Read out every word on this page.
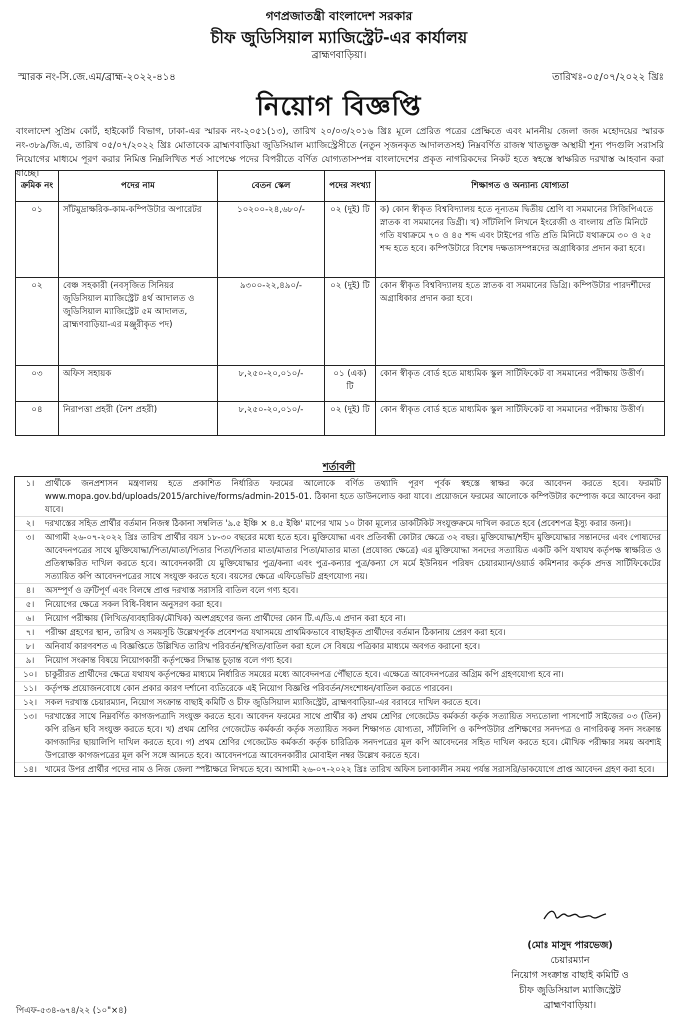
গণপ্রজাতন্ত্রী বাংলাদেশ সরকার
চীফ জুডিসিয়াল ম্যাজিস্ট্রেট-এর কার্যালয়
ব্রাহ্মণবাড়িয়া।
স্মারক নং-সি.জে.এম/ব্রাহ্ম-২০২২-৪১৪	তারিখঃ-০৫/০৭/২০২২ খ্রিঃ
নিয়োগ বিজ্ঞপ্তি
বাংলাদেশ সুপ্রিম কোর্ট, হাইকোর্ট বিভাগ, ঢাকা-এর স্মারক নং-২০৫১(১৩), তারিখ ২০/০৩/২০১৬ খ্রিঃ মূলে প্রেরিত পত্রের প্রেক্ষিতে এবং মাননীয় জেলা জজ মহোদয়ের স্মারক নং-৩৮৯/জি.এ, তারিখ ০৫/০৭/২০২২ খ্রিঃ মোতাবেক ব্রাহ্মণবাড়িয়া জুডিসিয়াল ম্যাজিস্ট্রেসীতে (নতুন সৃজনকৃত আদালতসহ) নিম্নবর্ণিত রাজস্ব খাতভুক্ত অস্থায়ী শূন্য পদগুলি সরাসরি নিয়োগের মাধ্যমে পূরণ করার নিমিত্ত নিম্নলিখিত শর্ত সাপেক্ষে পদের বিপরীতে বর্ণিত যোগ্যতাসম্পন্ন বাংলাদেশের প্রকৃত নাগরিকদের নিকট হতে স্বহস্তে স্বাক্ষরিত দরখাস্ত আহবান করা যাচ্ছে।
ক্রমিক নং	পদের নাম	বেতন স্কেল	পদের সংখ্যা	শিক্ষাগত ও অন্যান্য যোগ্যতা
০১	সাঁটমুদ্রাক্ষরিক-কাম-কম্পিউটার অপারেটর	১০২০০-২৪,৬৮০/-	০২ (দুই) টি	ক) কোন স্বীকৃত বিশ্ববিদ্যালয় হতে নূন্যতম দ্বিতীয় শ্রেণি বা সমমানের সিজিপিএতে স্নাতক বা সমমানের ডিগ্রী। খ) সাঁটলিপি লিখনে ইংরেজী ও বাংলায় প্রতি মিনিটে গতি যথাক্রমে ৭০ ও ৪৫ শব্দ এবং টাইপের গতি প্রতি মিনিটে যথাক্রমে ৩০ ও ২৫ শব্দ হতে হবে। কম্পিউটারে বিশেষ দক্ষতাসম্পন্নদের অগ্রাধিকার প্রদান করা হবে।
০২	বেঞ্চ সহকারী (নবসৃজিত সিনিয়র জুডিসিয়াল ম্যাজিস্ট্রেট ৪র্থ আদালত ও জুডিসিয়াল ম্যাজিস্ট্রেট ৫ম আদালত, ব্রাহ্মণবাড়িয়া-এর মঞ্জুরীকৃত পদ)	৯৩০০-২২,৪৯০/-	০২ (দুই) টি	কোন স্বীকৃত বিশ্ববিদ্যালয় হতে স্নাতক বা সমমানের ডিগ্রি। কম্পিউটার পারদর্শীদের অগ্রাধিকার প্রদান করা হবে।
০৩	অফিস সহায়ক	৮,২৫০-২০,০১০/-	০১ (এক) টি	কোন স্বীকৃত বোর্ড হতে মাধ্যমিক স্কুল সার্টিফিকেট বা সমমানের পরীক্ষায় উত্তীর্ণ।
০৪	নিরাপত্তা প্রহরী (নৈশ প্রহরী)	৮,২৫০-২০,০১০/-	০২ (দুই) টি	কোন স্বীকৃত বোর্ড হতে মাধ্যমিক স্কুল সার্টিফিকেট বা সমমানের পরীক্ষায় উত্তীর্ণ।
শর্তাবলী
১।	প্রার্থীকে জনপ্রশাসন মন্ত্রণালয় হতে প্রকাশিত নির্ধারিত ফরমের আলোকে বর্ণিত তথ্যাদি পূরণ পূর্বক স্বহস্তে স্বাক্ষর করে আবেদন করতে হবে। ফরমটি www.mopa.gov.bd/uploads/2015/archive/forms/admin-2015-01. ঠিকানা হতে ডাউনলোড করা যাবে। প্রয়োজনে ফরমের আলোকে কম্পিউটার কম্পোজ করে আবেদন করা যাবে।
২।	দরখাস্তের সহিত প্রার্থীর বর্তমান নিজস্ব ঠিকানা সম্বলিত '৯.৫ ইঞ্চি × ৪.৫ ইঞ্চি' মাপের খাম ১০ টাকা মূল্যের ডাকটিকিট সংযুক্তক্রমে দাখিল করতে হবে (প্রবেশপত্র ইস্যু করার জন্য)।
৩।	আগামী ২৬-০৭-২০২২ খ্রিঃ তারিখ প্রার্থীর বয়স ১৮-৩০ বছরের মধ্যে হতে হবে। মুক্তিযোদ্ধা এবং প্রতিবন্ধী কোটার ক্ষেত্রে ৩২ বছর। মুক্তিযোদ্ধা/শহীদ মুক্তিযোদ্ধার সন্তানদের এবং পোষ্যদের আবেদনপত্রের সাথে মুক্তিযোদ্ধা/পিতা/মাতা/পিতার পিতা/পিতার মাতা/মাতার পিতা/মাতার মাতা (প্রযোজ্য ক্ষেত্রে) এর মুক্তিযোদ্ধা সনদের সত্যায়িত একটি কপি যথাযথ কর্তৃপক্ষ স্বাক্ষরিত ও প্রতিস্বাক্ষরিত দাখিল করতে হবে। আবেদনকারী যে মুক্তিযোদ্ধার পুত্র/কন্যা এবং পুত্র-কন্যার পুত্র/কন্যা সে মর্মে ইউনিয়ন পরিষদ চেয়ারম্যান/ওয়ার্ড কমিশনার কর্তৃক প্রদত্ত সার্টিফিকেটের সত্যায়িত কপি আবেদনপত্রের সাথে সংযুক্ত করতে হবে। বয়সের ক্ষেত্রে এফিডেভিট গ্রহণযোগ্য নয়।
৪।	অসম্পূর্ণ ও ত্রুটিপূর্ণ এবং বিলম্বে প্রাপ্ত দরখাস্ত সরাসরি বাতিল বলে গণ্য হবে।
৫।	নিয়োগের ক্ষেত্রে সকল বিধি-বিধান অনুসরণ করা হবে।
৬।	নিয়োগ পরীক্ষায় (লিখিত/ব্যবহারিক/মৌখিক) অংশগ্রহণের জন্য প্রার্থীদের কোন টি.এ/ডি.এ প্রদান করা হবে না।
৭।	পরীক্ষা গ্রহণের স্থান, তারিখ ও সময়সূচি উল্লেখপূর্বক প্রবেশপত্র যথাসময়ে প্রাথমিকভাবে বাছাইকৃত প্রার্থীদের বর্তমান ঠিকানায় প্রেরণ করা হবে।
৮।	অনিবার্য কারণবশত এ বিজ্ঞপ্তিতে উল্লিখিত তারিখ পরিবর্তন/স্থগিত/বাতিল করা হলে সে বিষয়ে পত্রিকার মাধ্যমে অবগত করানো হবে।
৯।	নিয়োগ সংক্রান্ত বিষয়ে নিয়োগকারী কর্তৃপক্ষের সিদ্ধান্ত চূড়ান্ত বলে গণ্য হবে।
১০। চাকুরীরত প্রার্থীদের ক্ষেত্রে যথাযথ কর্তৃপক্ষের মাধ্যমে নির্ধারিত সময়ের মধ্যে আবেদনপত্র পৌঁছাতে হবে। এক্ষেত্রে আবেদনপত্রের অগ্রিম কপি গ্রহণযোগ্য হবে না।
১১। কর্তৃপক্ষ প্রয়োজনবোধে কোন প্রকার কারণ দর্শানো ব্যতিরেকে এই নিয়োগ বিজ্ঞপ্তি পরিবর্তন/সংশোধন/বাতিল করতে পারবেন।
১২। সকল দরখাস্ত চেয়ারম্যান, নিয়োগ সংক্রান্ত বাছাই কমিটি ও চীফ জুডিসিয়াল ম্যাজিস্ট্রেট, ব্রাহ্মণবাড়িয়া-এর বরাবরে দাখিল করতে হবে।
১৩। দরখাস্তের সাথে নিম্নবর্ণিত কাগজপত্রাদি সংযুক্ত করতে হবে। আবেদন ফরমের সাথে প্রার্থীর ক) প্রথম শ্রেণির গেজেটেড কর্মকর্তা কর্তৃক সত্যায়িত সদ্যতোলা পাসপোর্ট সাইজের ০৩ (তিন) কপি রঙিন ছবি সংযুক্ত করতে হবে। খ) প্রথম শ্রেণির গেজেটেড কর্মকর্তা কর্তৃক সত্যায়িত সকল শিক্ষাগত যোগ্যতা, সাঁটলিপি ও কম্পিউটার প্রশিক্ষণের সনদপত্র ও নাগরিকত্ব সনদ সংক্রান্ত কাগজাদির ছায়ালিপি দাখিল করতে হবে। গ) প্রথম শ্রেণির গেজেটেড কর্মকর্তা কর্তৃক চারিত্রিক সনদপত্রের মূল কপি আবেদনের সহিত দাখিল করতে হবে। মৌখিক পরীক্ষার সময় অবশ্যই উপরোক্ত কাগজপত্রের মূল কপি সঙ্গে আনতে হবে। আবেদনপত্রে আবেদনকারীর মোবাইল নম্বর উল্লেখ করতে হবে।
১৪। খামের উপর প্রার্থীর পদের নাম ও নিজ জেলা স্পষ্টাক্ষরে লিখতে হবে। আগামী ২৬-০৭-২০২২ খ্রিঃ তারিখ অফিস চলাকালীন সময় পর্যন্ত সরাসরি/ডাকযোগে প্রাপ্ত আবেদন গ্রহণ করা হবে।
(মোঃ মাসুদ পারভেজ)
চেয়ারম্যান
নিয়োগ সংক্রান্ত বাছাই কমিটি ও
চীফ জুডিসিয়াল ম্যাজিস্ট্রেট
ব্রাহ্মণবাড়িয়া।
পিএফ-৫৩৪-৬৭৪/২২ (১০"×৪)
